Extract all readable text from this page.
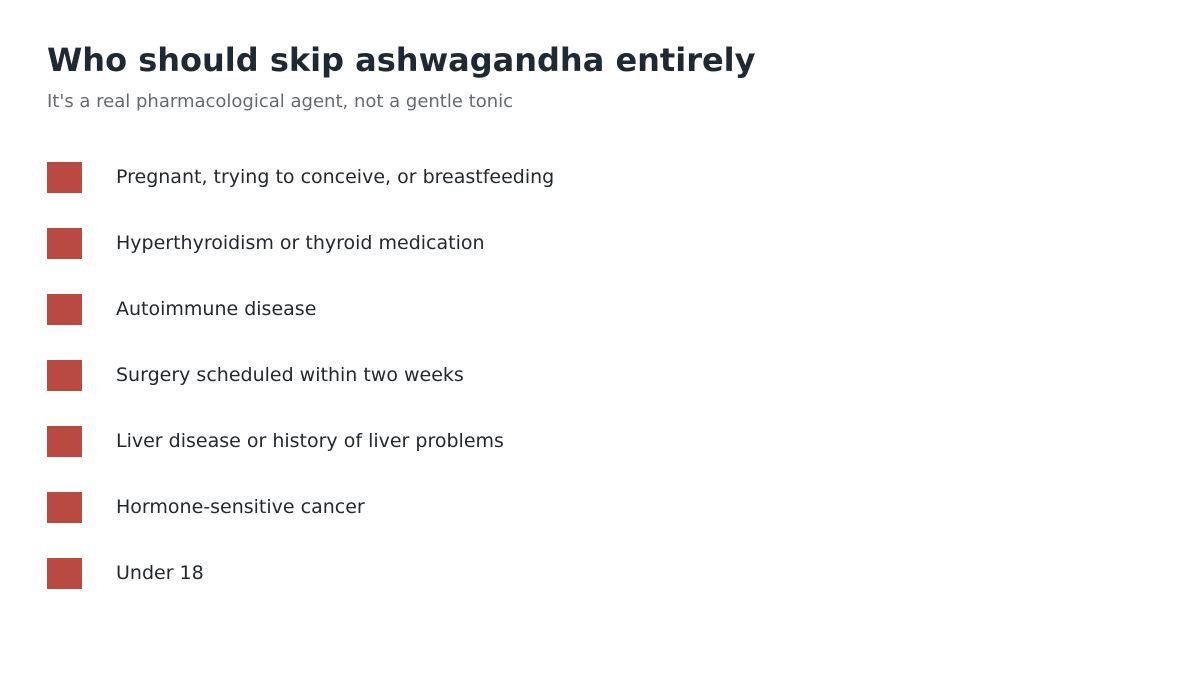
Who should skip ashwagandha entirely

It's a real pharmacological agent, not a gentle tonic

Pregnant, trying to conceive, or breastfeeding
Hyperthyroidism or thyroid medication
Autoimmune disease
Surgery scheduled within two weeks
Liver disease or history of liver problems
Hormone-sensitive cancer
Under 18
